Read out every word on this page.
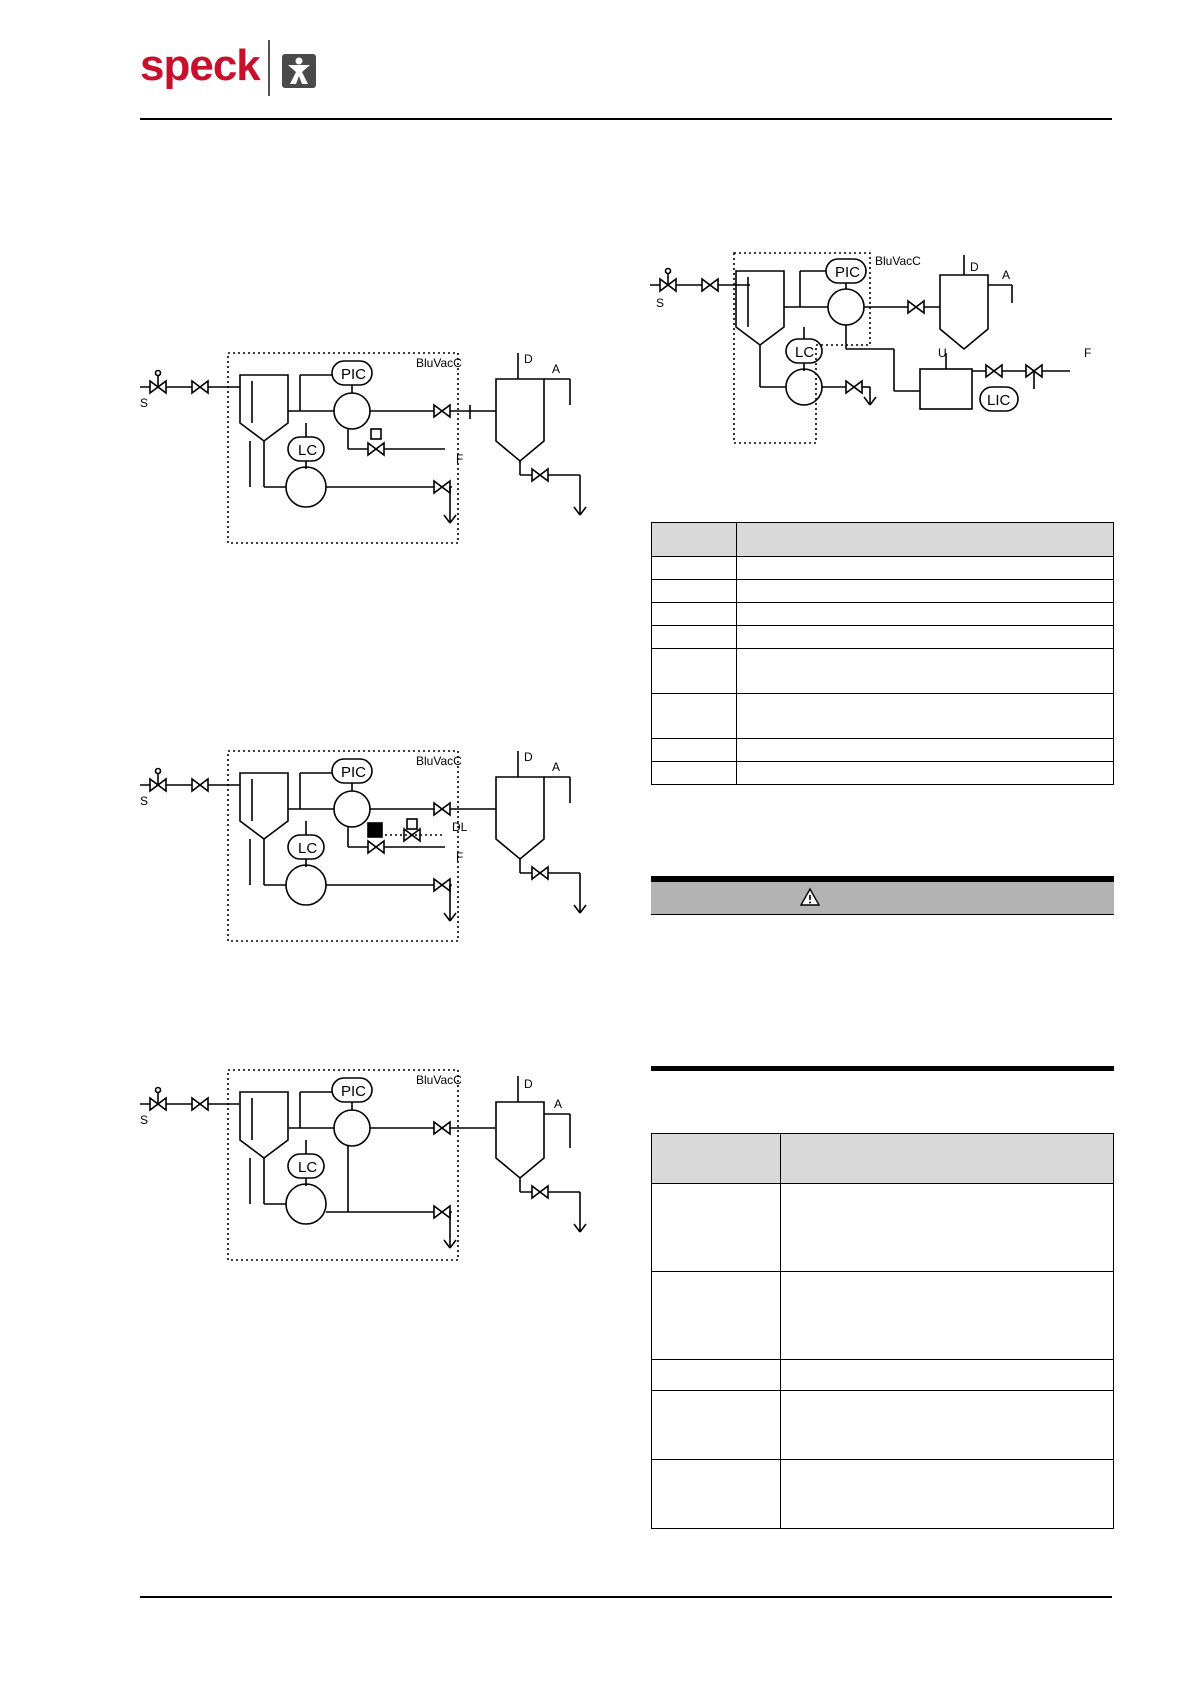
speck
PIC
LC
BluVacC
S
D
A
F
PIC
LC
BluVacC
S
D
A
DL
F
PIC
LC
BluVacC
S
D
A
PIC
LC
LIC
BluVacC
S
D
A
U	F
